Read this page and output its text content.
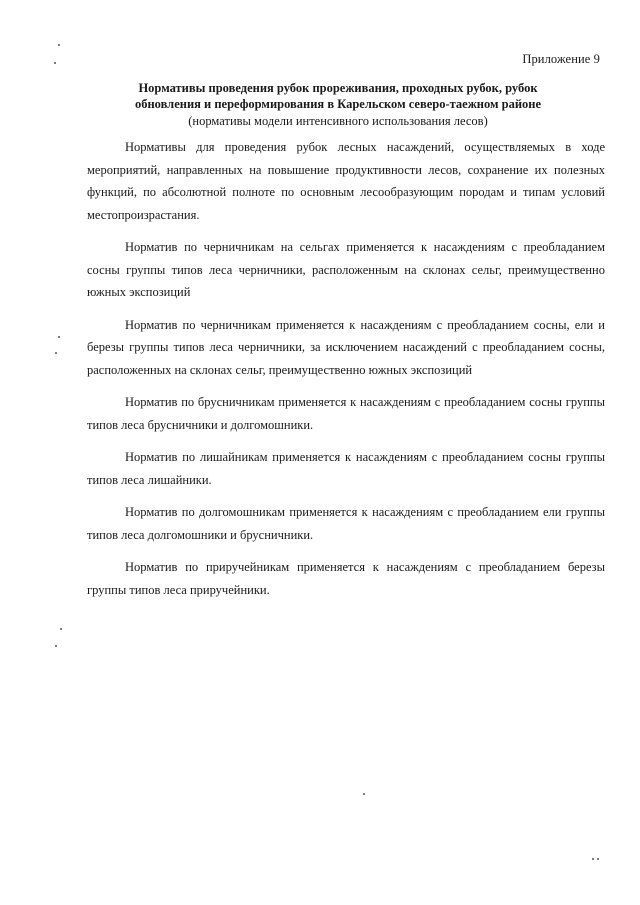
Приложение 9
Нормативы проведения рубок прореживания, проходных рубок, рубок
обновления и переформирования в Карельском северо-таежном районе
(нормативы модели интенсивного использования лесов)

Нормативы для проведения рубок лесных насаждений, осуществляемых в ходе мероприятий, направленных на повышение продуктивности лесов, сохранение их полезных функций, по абсолютной полноте по основным лесообразующим породам и типам условий местопроизрастания.

Норматив по черничникам на сельгах применяется к насаждениям с преобладанием сосны группы типов леса черничники, расположенным на склонах сельг, преимущественно южных экспозиций

Норматив по черничникам применяется к насаждениям с преобладанием сосны, ели и березы группы типов леса черничники, за исключением насаждений с преобладанием сосны, расположенных на склонах сельг, преимущественно южных экспозиций

Норматив по брусничникам применяется к насаждениям с преобладанием сосны группы типов леса брусничники и долгомошники.

Норматив по лишайникам применяется к насаждениям с преобладанием сосны группы типов леса лишайники.

Норматив по долгомошникам применяется к насаждениям с преобладанием ели группы типов леса долгомошники и брусничники.

Норматив по приручейникам применяется к насаждениям с преобладанием березы группы типов леса приручейники.
